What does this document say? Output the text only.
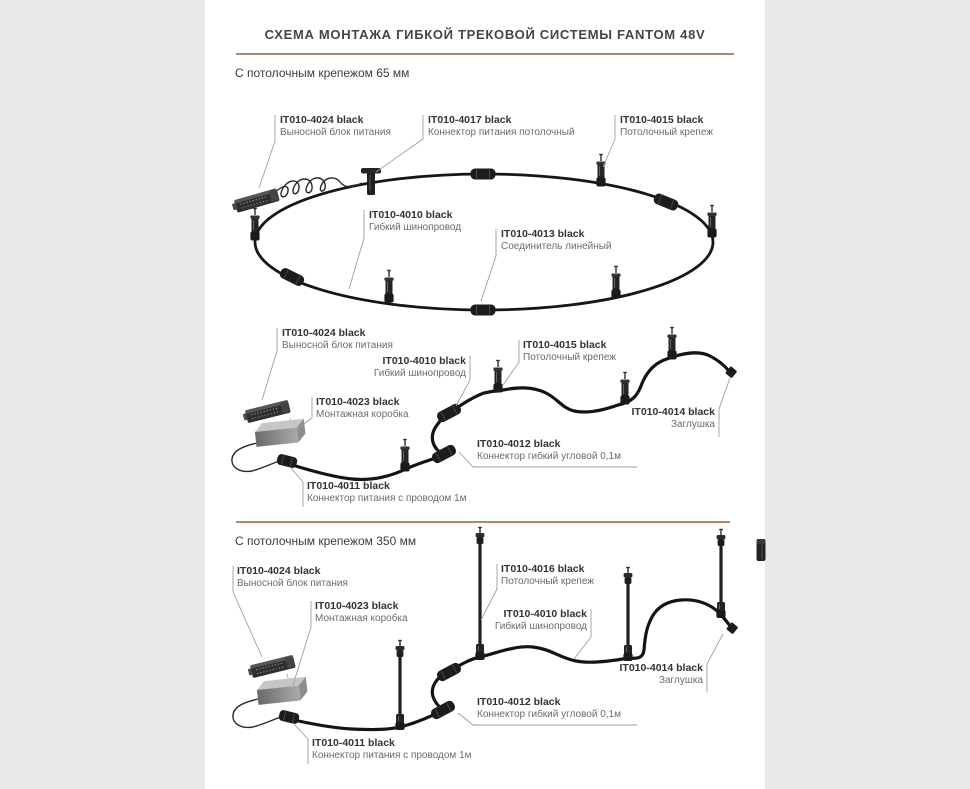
СХЕМА МОНТАЖА ГИБКОЙ ТРЕКОВОЙ СИСТЕМЫ FANTOM 48V
С потолочным крепежом 65 мм
С потолочным крепежом 350 мм
IT010-4024 black
Выносной блок питания
IT010-4017 black
Коннектор питания потолочный
IT010-4015 black
Потолочный крепеж
IT010-4010 black
Гибкий шинопровод
IT010-4013 black
Соединитель линейный
IT010-4024 black
Выносной блок питания
IT010-4010 black
Гибкий шинопровод
IT010-4023 black
Монтажная коробка
IT010-4015 black
Потолочный крепеж
IT010-4014 black
Заглушка
IT010-4012 black
Коннектор гибкий угловой 0,1м
IT010-4011 black
Коннектор питания с проводом 1м
IT010-4024 black
Выносной блок питания
IT010-4023 black
Монтажная коробка
IT010-4016 black
Потолочный крепеж
IT010-4010 black
Гибкий шинопровод
IT010-4014 black
Заглушка
IT010-4012 black
Коннектор гибкий угловой 0,1м
IT010-4011 black
Коннектор питания с проводом 1м
